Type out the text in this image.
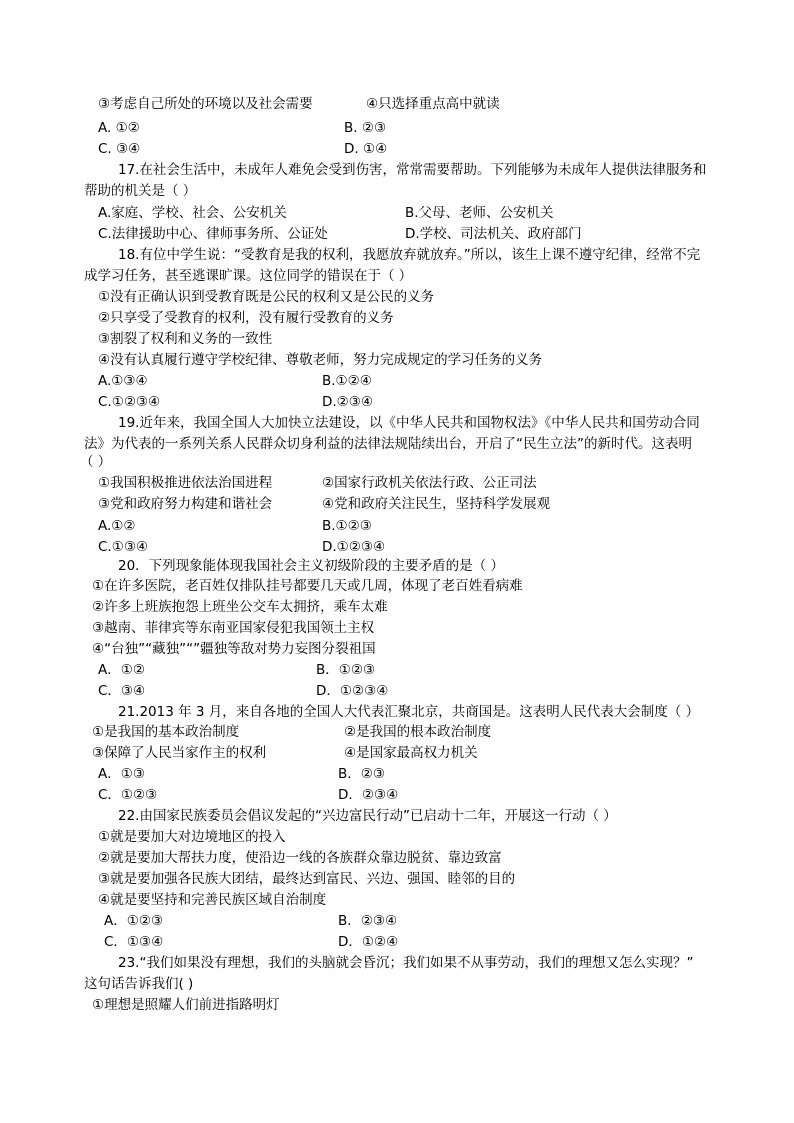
③考虑自己所处的环境以及社会需要	④只选择重点高中就读
A. ①②	B. ②③
C. ③④	D. ①④
17.在社会生活中，未成年人难免会受到伤害，常常需要帮助。下列能够为未成年人提供法律服务和
帮助的机关是（ ）
A.家庭、学校、社会、公安机关	B.父母、老师、公安机关
C.法律援助中心、律师事务所、公证处	D.学校、司法机关、政府部门
18.有位中学生说：“受教育是我的权利，我愿放弃就放弃。”所以，该生上课不遵守纪律，经常不完
成学习任务，甚至逃课旷课。这位同学的错误在于（ ）
①没有正确认识到受教育既是公民的权利又是公民的义务
②只享受了受教育的权利，没有履行受教育的义务
③割裂了权利和义务的一致性
④没有认真履行遵守学校纪律、尊敬老师，努力完成规定的学习任务的义务
A.①③④	B.①②④
C.①②③④	D.②③④
19.近年来，我国全国人大加快立法建设，以《中华人民共和国物权法》《中华人民共和国劳动合同
法》为代表的一系列关系人民群众切身利益的法律法规陆续出台，开启了“民生立法”的新时代。这表明
（ ）
①我国积极推进依法治国进程	②国家行政机关依法行政、公正司法
③党和政府努力构建和谐社会	④党和政府关注民生，坚持科学发展观
A.①②	B.①②③
C.①③④	D.①②③④
20．下列现象能体现我国社会主义初级阶段的主要矛盾的是（ ）
①在许多医院，老百姓仅排队挂号都要几天或几周，体现了老百姓看病难
②许多上班族抱怨上班坐公交车太拥挤，乘车太难
③越南、菲律宾等东南亚国家侵犯我国领土主权
④“台独”“藏独”“”疆独等敌对势力妄图分裂祖国
A．①②	B．①②③
C．③④	D．①②③④
21.2013 年 3 月，来自各地的全国人大代表汇聚北京，共商国是。这表明人民代表大会制度（ ）
①是我国的基本政治制度	②是我国的根本政治制度
③保障了人民当家作主的权利	④是国家最高权力机关
A．①③	B．②③
C．①②③	D．②③④
22.由国家民族委员会倡议发起的“兴边富民行动”已启动十二年，开展这一行动（ ）
①就是要加大对边境地区的投入
②就是要加大帮扶力度，使沿边一线的各族群众靠边脱贫、靠边致富
③就是要加强各民族大团结，最终达到富民、兴边、强国、睦邻的目的
④就是要坚持和完善民族区域自治制度
A．①②③	B．②③④
C．①③④	D．①②④
23.“我们如果没有理想，我们的头脑就会昏沉；我们如果不从事劳动，我们的理想又怎么实现？”
这句话告诉我们( )
①理想是照耀人们前进指路明灯
